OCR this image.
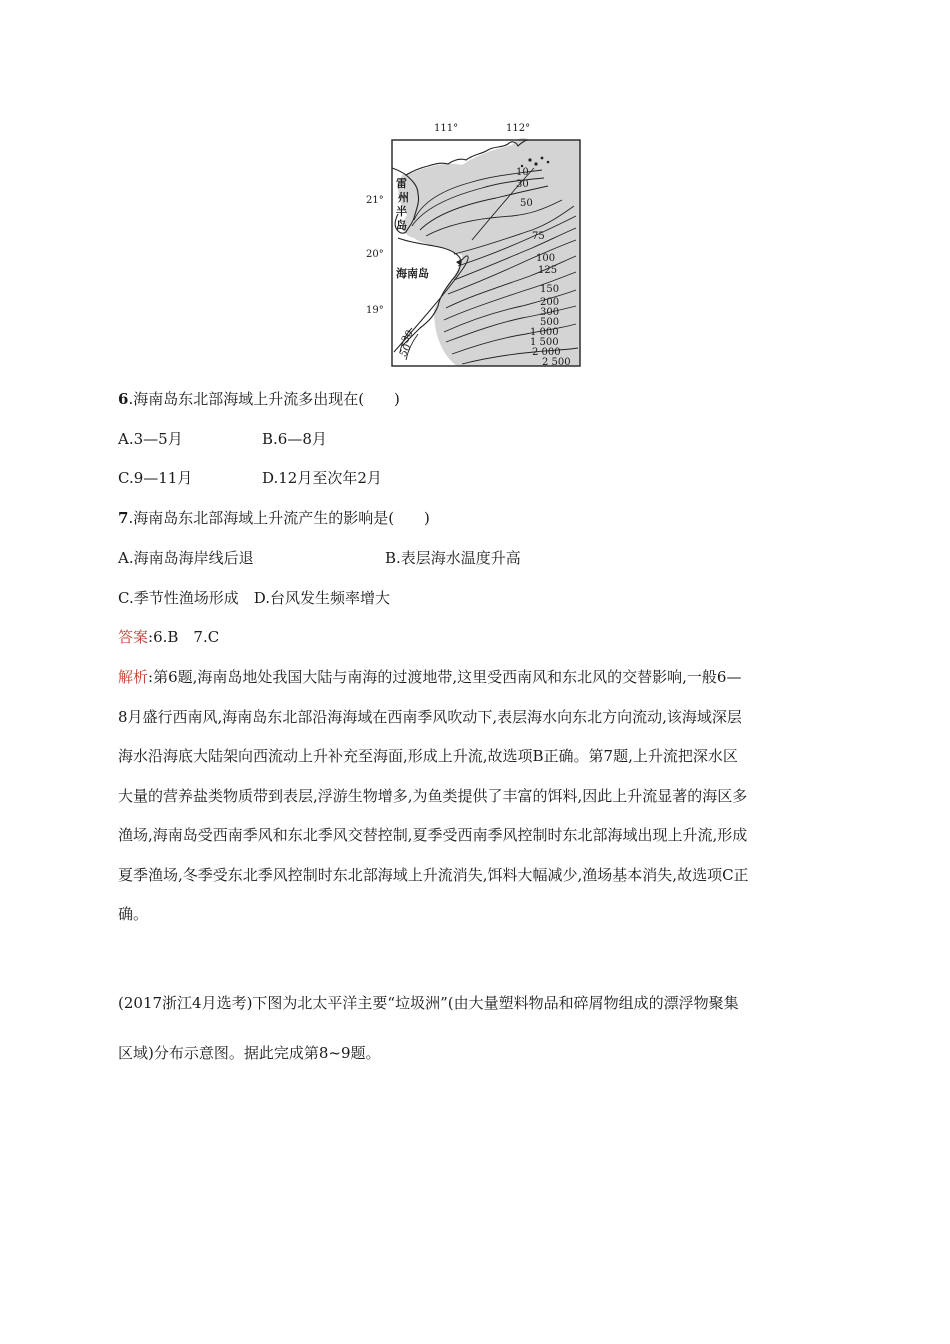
111°	112°
21°
20°
19°
雷
州
半
岛
海南岛
10
30
50
75
100
125
150
200
300
500
1 000
1 500
2 000
2 500
30
50
6.海南岛东北部海域上升流多出现在(　　)
A.3—5月	B.6—8月
C.9—11月	D.12月至次年2月
7.海南岛东北部海域上升流产生的影响是(　　)
A.海南岛海岸线后退	B.表层海水温度升高
C.季节性渔场形成　D.台风发生频率增大
答案:6.B　7.C
解析:第6题,海南岛地处我国大陆与南海的过渡地带,这里受西南风和东北风的交替影响,一般6—
8月盛行西南风,海南岛东北部沿海海域在西南季风吹动下,表层海水向东北方向流动,该海域深层
海水沿海底大陆架向西流动上升补充至海面,形成上升流,故选项B正确。第7题,上升流把深水区
大量的营养盐类物质带到表层,浮游生物增多,为鱼类提供了丰富的饵料,因此上升流显著的海区多
渔场,海南岛受西南季风和东北季风交替控制,夏季受西南季风控制时东北部海域出现上升流,形成
夏季渔场,冬季受东北季风控制时东北部海域上升流消失,饵料大幅减少,渔场基本消失,故选项C正
确。
(2017浙江4月选考)下图为北太平洋主要“垃圾洲”(由大量塑料物品和碎屑物组成的漂浮物聚集
区域)分布示意图。据此完成第8~9题。
